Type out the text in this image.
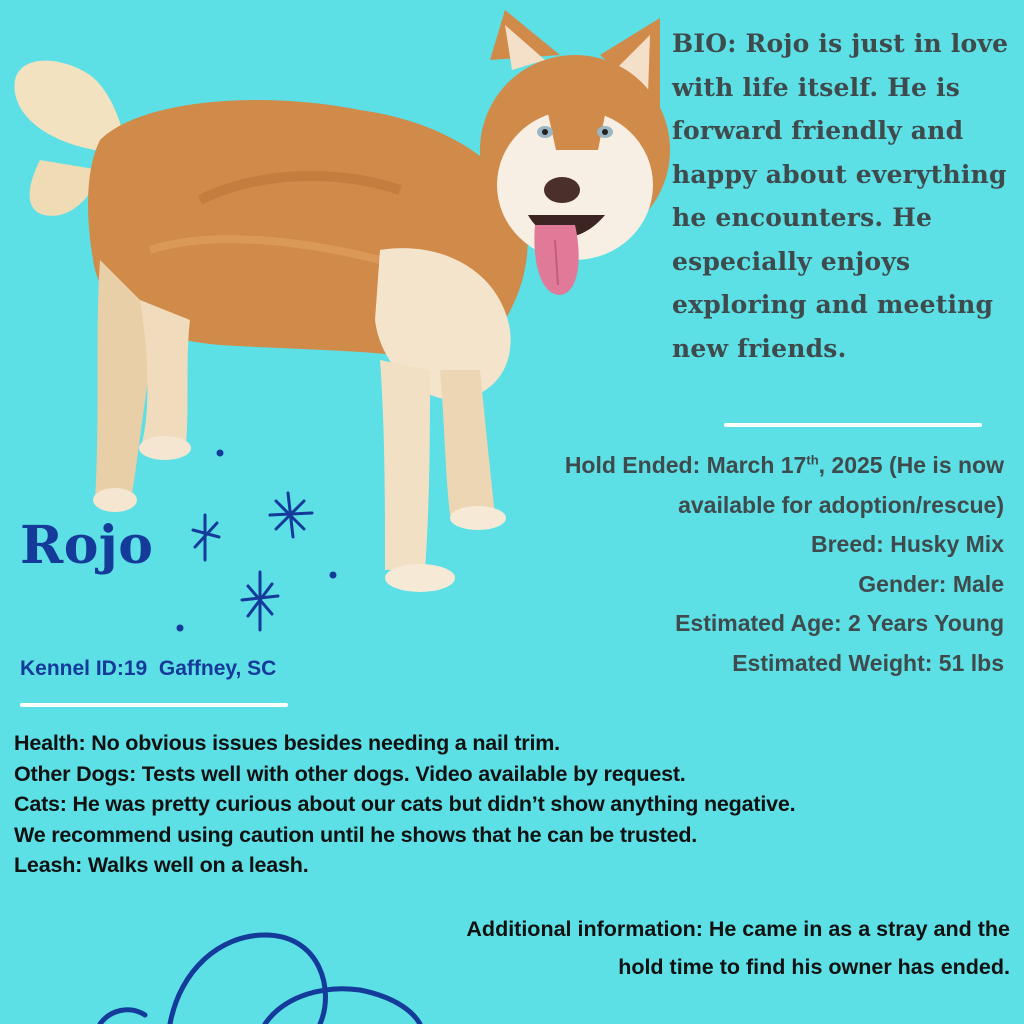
BIO: Rojo is just in love with life itself. He is forward friendly and happy about everything he encounters. He especially enjoys exploring and meeting new friends.

Hold Ended: March 17th, 2025 (He is now available for adoption/rescue)
Breed: Husky Mix
Gender: Male
Estimated Age: 2 Years Young
Estimated Weight: 51 lbs
Rojo
Kennel ID:19  Gaffney, SC
Health: No obvious issues besides needing a nail trim.
Other Dogs: Tests well with other dogs. Video available by request.
Cats: He was pretty curious about our cats but didn’t show anything negative.
We recommend using caution until he shows that he can be trusted.
Leash: Walks well on a leash.
Additional information: He came in as a stray and the hold time to find his owner has ended.
